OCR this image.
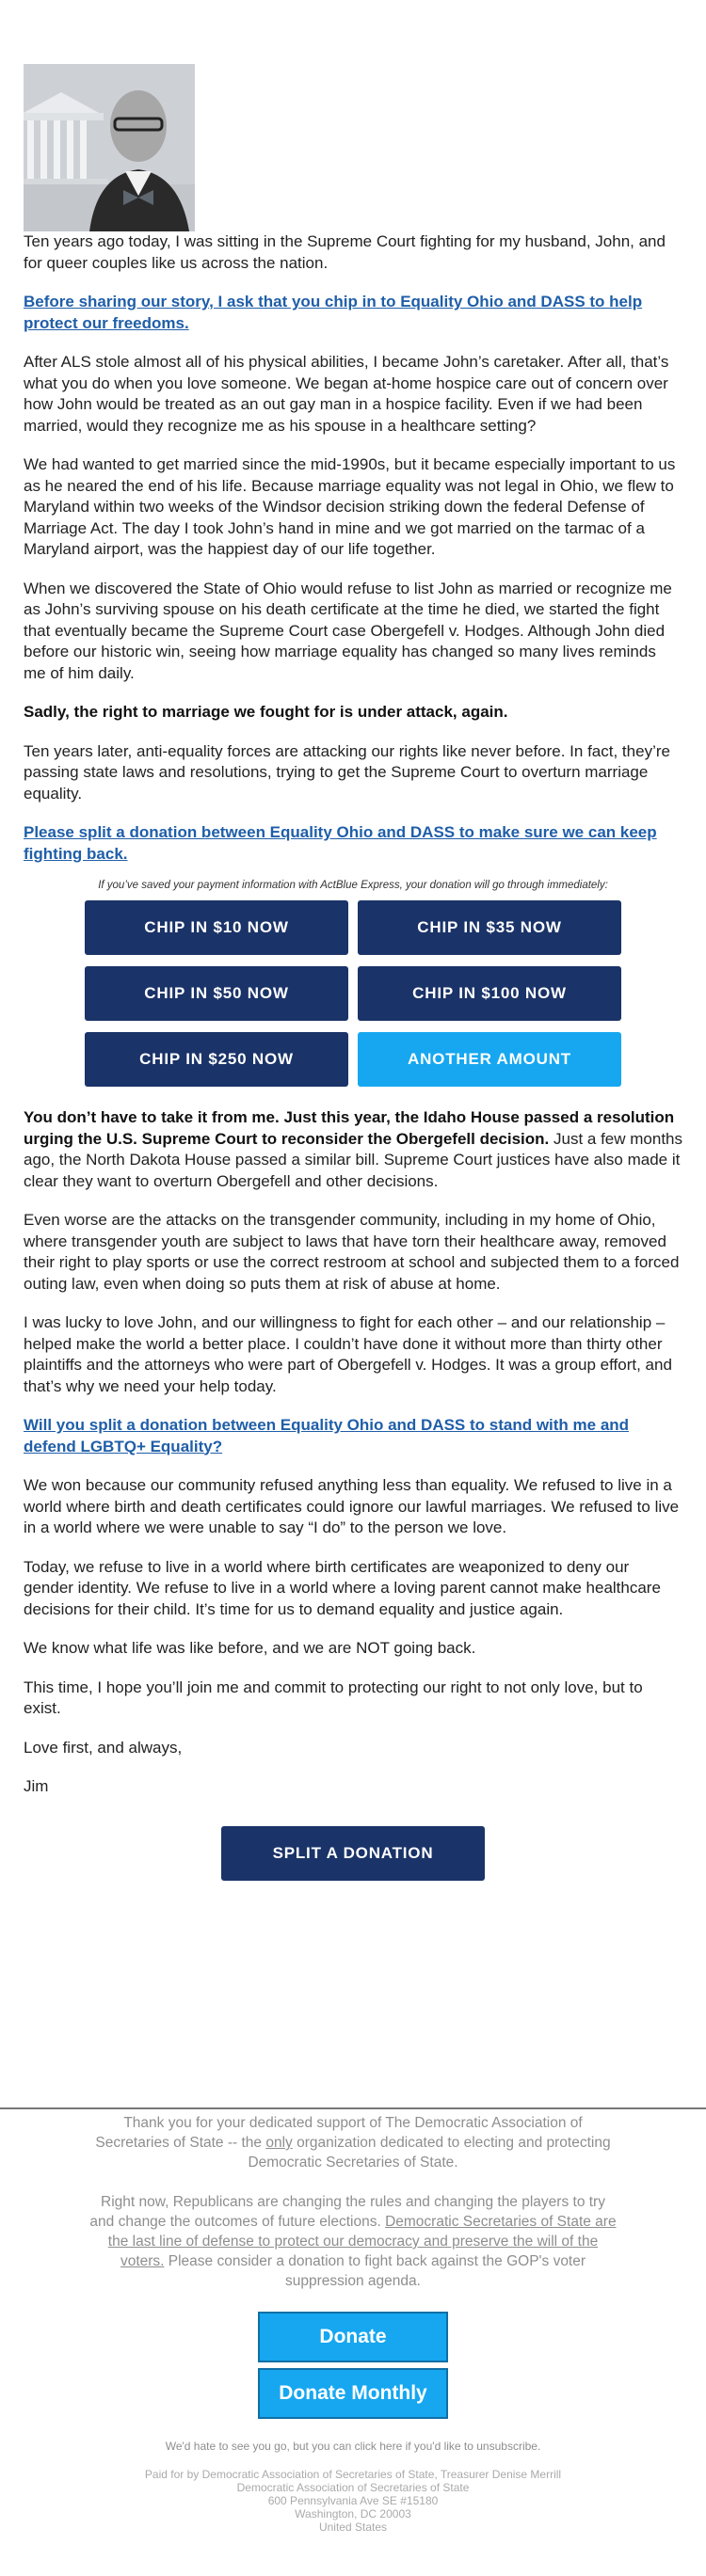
Ten years ago today, I was sitting in the Supreme Court fighting for my husband, John, and for queer couples like us across the nation.

Before sharing our story, I ask that you chip in to Equality Ohio and DASS to help protect our freedoms.

After ALS stole almost all of his physical abilities, I became John’s caretaker. After all, that’s what you do when you love someone. We began at-home hospice care out of concern over how John would be treated as an out gay man in a hospice facility. Even if we had been married, would they recognize me as his spouse in a healthcare setting?

We had wanted to get married since the mid-1990s, but it became especially important to us as he neared the end of his life. Because marriage equality was not legal in Ohio, we flew to Maryland within two weeks of the Windsor decision striking down the federal Defense of Marriage Act. The day I took John’s hand in mine and we got married on the tarmac of a Maryland airport, was the happiest day of our life together.

When we discovered the State of Ohio would refuse to list John as married or recognize me as John’s surviving spouse on his death certificate at the time he died, we started the fight that eventually became the Supreme Court case Obergefell v. Hodges. Although John died before our historic win, seeing how marriage equality has changed so many lives reminds me of him daily.

Sadly, the right to marriage we fought for is under attack, again.

Ten years later, anti-equality forces are attacking our rights like never before. In fact, they’re passing state laws and resolutions, trying to get the Supreme Court to overturn marriage equality.

Please split a donation between Equality Ohio and DASS to make sure we can keep fighting back.

If you’ve saved your payment information with ActBlue Express, your donation will go through immediately:

CHIP IN $10 NOW	CHIP IN $35 NOW
CHIP IN $50 NOW	CHIP IN $100 NOW
CHIP IN $250 NOW	ANOTHER AMOUNT

You don’t have to take it from me. Just this year, the Idaho House passed a resolution urging the U.S. Supreme Court to reconsider the Obergefell decision. Just a few months ago, the North Dakota House passed a similar bill. Supreme Court justices have also made it clear they want to overturn Obergefell and other decisions.

Even worse are the attacks on the transgender community, including in my home of Ohio, where transgender youth are subject to laws that have torn their healthcare away, removed their right to play sports or use the correct restroom at school and subjected them to a forced outing law, even when doing so puts them at risk of abuse at home.

I was lucky to love John, and our willingness to fight for each other – and our relationship – helped make the world a better place. I couldn’t have done it without more than thirty other plaintiffs and the attorneys who were part of Obergefell v. Hodges. It was a group effort, and that’s why we need your help today.

Will you split a donation between Equality Ohio and DASS to stand with me and defend LGBTQ+ Equality?

We won because our community refused anything less than equality. We refused to live in a world where birth and death certificates could ignore our lawful marriages. We refused to live in a world where we were unable to say “I do” to the person we love.

Today, we refuse to live in a world where birth certificates are weaponized to deny our gender identity. We refuse to live in a world where a loving parent cannot make healthcare decisions for their child. It’s time for us to demand equality and justice again.

We know what life was like before, and we are NOT going back.

This time, I hope you’ll join me and commit to protecting our right to not only love, but to exist.

Love first, and always,

Jim

SPLIT A DONATION

Thank you for your dedicated support of The Democratic Association of Secretaries of State -- the only organization dedicated to electing and protecting Democratic Secretaries of State.

Right now, Republicans are changing the rules and changing the players to try and change the outcomes of future elections. Democratic Secretaries of State are the last line of defense to protect our democracy and preserve the will of the voters. Please consider a donation to fight back against the GOP's voter suppression agenda.

Donate
Donate Monthly
We'd hate to see you go, but you can click here if you'd like to unsubscribe.
Paid for by Democratic Association of Secretaries of State, Treasurer Denise Merrill
Democratic Association of Secretaries of State
600 Pennsylvania Ave SE #15180
Washington, DC 20003
United States
